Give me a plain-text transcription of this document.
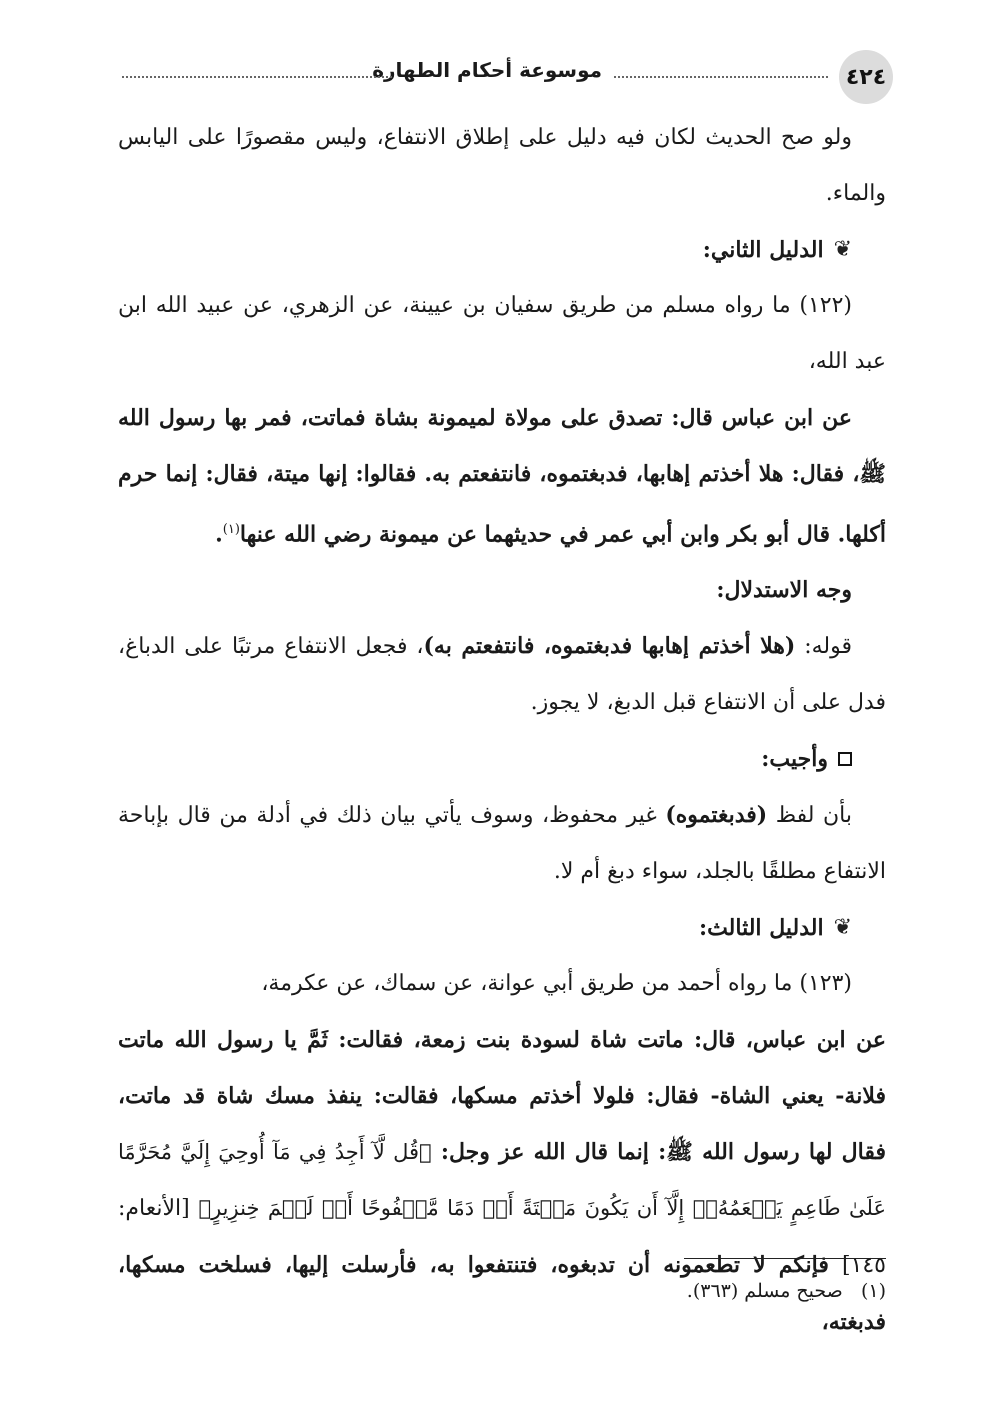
٤٢٤
موسوعة أحكام الطهارة

ولو صح الحديث لكان فيه دليل على إطلاق الانتفاع، وليس مقصورًا على اليابس والماء.

❦
الدليل الثاني:

(١٢٢) ما رواه مسلم من طريق سفيان بن عيينة، عن الزهري، عن عبيد الله ابن عبد الله،

عن ابن عباس قال: تصدق على مولاة لميمونة بشاة فماتت، فمر بها رسول الله ﷺ، فقال: هلا أخذتم إهابها، فدبغتموه، فانتفعتم به. فقالوا: إنها ميتة، فقال: إنما حرم أكلها. قال أبو بكر وابن أبي عمر في حديثهما عن ميمونة رضي الله عنها$^{(١)}$.

وجه الاستدلال:

قوله: (هلا أخذتم إهابها فدبغتموه، فانتفعتم به)، فجعل الانتفاع مرتبًا على الدباغ، فدل على أن الانتفاع قبل الدبغ، لا يجوز.

وأجيب:

بأن لفظ (فدبغتموه) غير محفوظ، وسوف يأتي بيان ذلك في أدلة من قال بإباحة الانتفاع مطلقًا بالجلد، سواء دبغ أم لا.

❦
الدليل الثالث:

(١٢٣) ما رواه أحمد من طريق أبي عوانة، عن سماك، عن عكرمة،

عن ابن عباس، قال: ماتت شاة لسودة بنت زمعة، فقالت: ثَمَّ يا رسول الله ماتت فلانة- يعني الشاة- فقال: فلولا أخذتم مسكها، فقالت: ينفذ مسك شاة قد ماتت، فقال لها رسول الله ﷺ: إنما قال الله عز وجل: ﴿قُل لَّآ أَجِدُ فِي مَآ أُوحِيَ إِلَيَّ مُحَرَّمًا عَلَىٰ طَاعِمٍ يَطۡعَمُهُۥٓ إِلَّآ أَن يَكُونَ مَيۡتَةً أَوۡ دَمًا مَّسۡفُوحًا أَوۡ لَحۡمَ خِنزِيرٍ﴾ [الأنعام: ١٤٥] فإنكم لا تطعمونه أن تدبغوه، فتنتفعوا به، فأرسلت إليها، فسلخت مسكها، فدبغته،

(١)   صحيح مسلم (٣٦٣).
